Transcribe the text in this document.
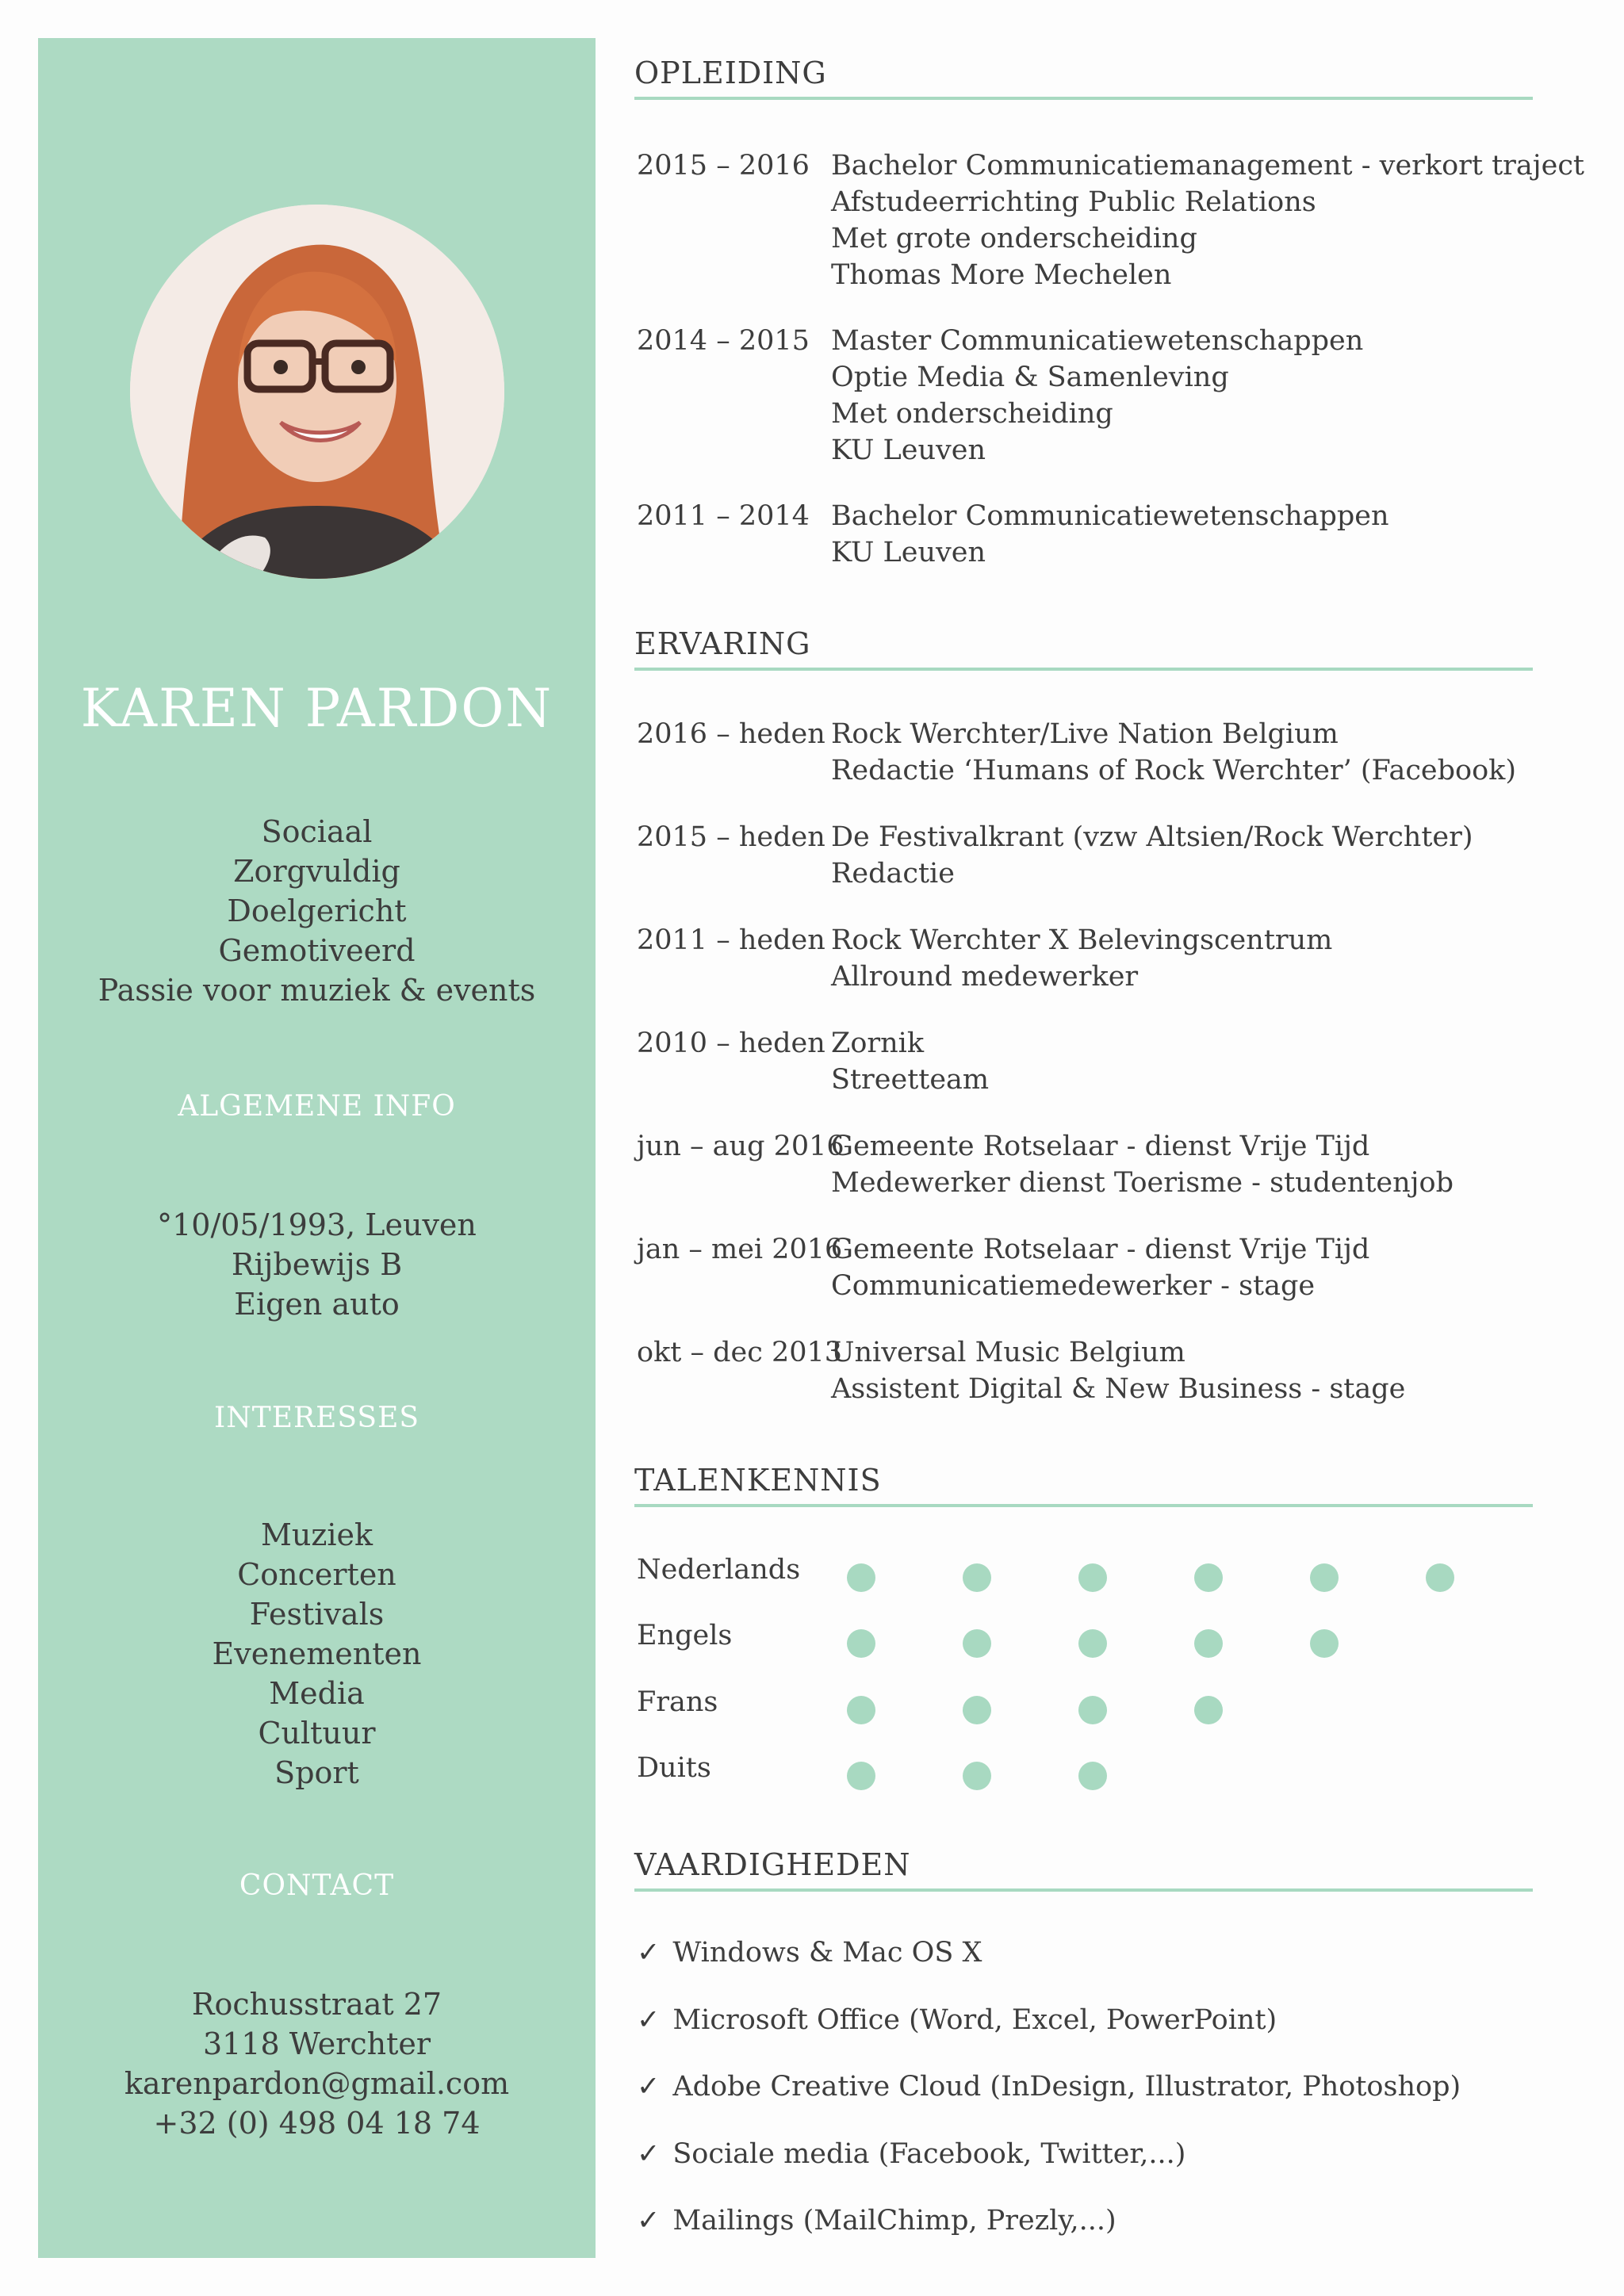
KAREN PARDON
Sociaal
Zorgvuldig
Doelgericht
Gemotiveerd
Passie voor muziek & events
ALGEMENE INFO
°10/05/1993, Leuven
Rijbewijs B
Eigen auto
INTERESSES
Muziek
Concerten
Festivals
Evenementen
Media
Cultuur
Sport
CONTACT
Rochusstraat 27
3118 Werchter
karenpardon@gmail.com
+32 (0) 498 04 18 74
OPLEIDING
2015 – 2016 Bachelor Communicatiemanagement - verkort traject
Afstudeerrichting Public Relations
Met grote onderscheiding
Thomas More Mechelen
2014 – 2015 Master Communicatiewetenschappen
Optie Media & Samenleving
Met onderscheiding
KU Leuven
2011 – 2014 Bachelor Communicatiewetenschappen
KU Leuven
ERVARING
2016 – heden Rock Werchter/Live Nation Belgium
Redactie ‘Humans of Rock Werchter’ (Facebook)
2015 – heden De Festivalkrant (vzw Altsien/Rock Werchter)
Redactie
2011 – heden Rock Werchter X Belevingscentrum
Allround medewerker
2010 – heden Zornik
Streetteam
jun – aug 2016
Gemeente Rotselaar - dienst Vrije Tijd
Medewerker dienst Toerisme - studentenjob
jan – mei 2016
Gemeente Rotselaar - dienst Vrije Tijd
Communicatiemedewerker - stage
okt – dec 2013
Universal Music Belgium
Assistent Digital & New Business - stage
TALENKENNIS
Nederlands
Engels
Frans
Duits
VAARDIGHEDEN
✓ Windows & Mac OS X
✓ Microsoft Office (Word, Excel, PowerPoint)
✓ Adobe Creative Cloud (InDesign, Illustrator, Photoshop)
✓ Sociale media (Facebook, Twitter,...)
✓ Mailings (MailChimp, Prezly,...)
